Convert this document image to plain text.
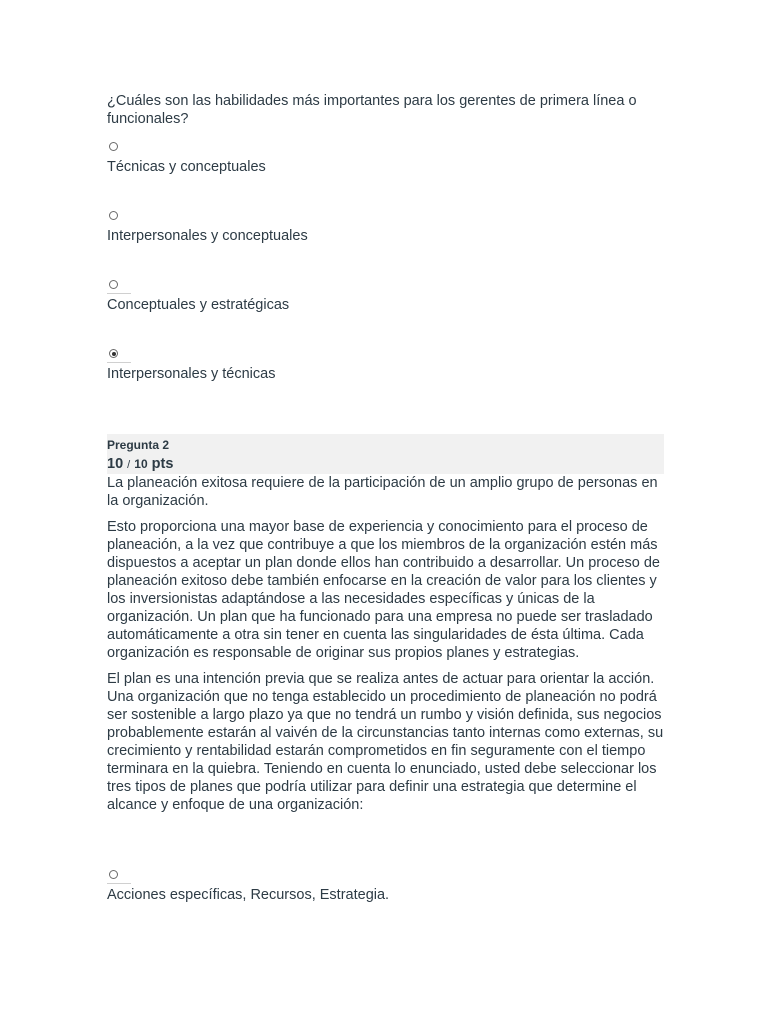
¿Cuáles son las habilidades más importantes para los gerentes de primera línea o funcionales?
Técnicas y conceptuales
Interpersonales y conceptuales
Conceptuales y estratégicas
Interpersonales y técnicas
Pregunta 2
10 / 10 pts

La planeación exitosa requiere de la participación de un amplio grupo de personas en la organización.

Esto proporciona una mayor base de experiencia y conocimiento para el proceso de planeación, a la vez que contribuye a que los miembros de la organización estén más dispuestos a aceptar un plan donde ellos han contribuido a desarrollar. Un proceso de planeación exitoso debe también enfocarse en la creación de valor para los clientes y los inversionistas adaptándose a las necesidades específicas y únicas de la organización. Un plan que ha funcionado para una empresa no puede ser trasladado automáticamente a otra sin tener en cuenta las singularidades de ésta última. Cada organización es responsable de originar sus propios planes y estrategias.

El plan es una intención previa que se realiza antes de actuar para orientar la acción. Una organización que no tenga establecido un procedimiento de planeación no podrá ser sostenible a largo plazo ya que no tendrá un rumbo y visión definida, sus negocios probablemente estarán al vaivén de la circunstancias tanto internas como externas, su crecimiento y rentabilidad estarán comprometidos en fin seguramente con el tiempo terminara en la quiebra. Teniendo en cuenta lo enunciado, usted debe seleccionar los tres tipos de planes que podría utilizar para definir una estrategia que determine el alcance y enfoque de una organización:

Acciones específicas, Recursos, Estrategia.
